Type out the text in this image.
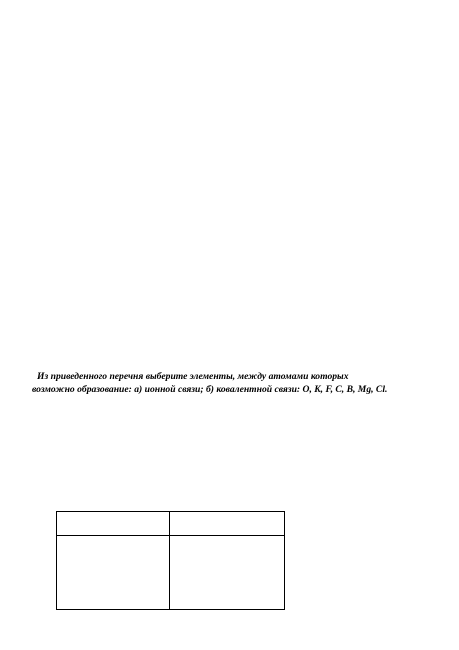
Из приведенного перечня выберите элементы, между атомами которых
возможно образование: а) ионной связи; б) ковалентной связи: O, K, F, C, B, Mg, Cl.
